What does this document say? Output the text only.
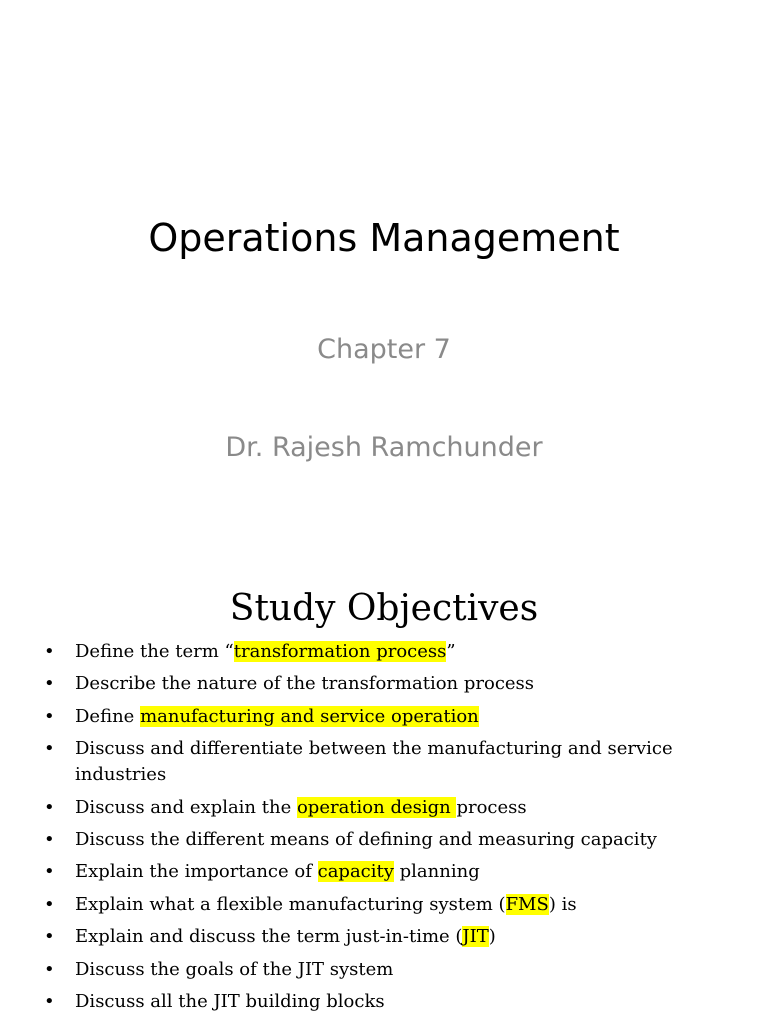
Operations Management
Chapter 7
Dr. Rajesh Ramchunder
Study Objectives
• Define the term “transformation process”
• Describe the nature of the transformation process
• Define manufacturing and service operation
• Discuss and differentiate between the manufacturing and service industries
• Discuss and explain the operation design process
• Discuss the different means of defining and measuring capacity
• Explain the importance of capacity planning
• Explain what a flexible manufacturing system (FMS) is
• Explain and discuss the term just-in-time (JIT)
• Discuss the goals of the JIT system
• Discuss all the JIT building blocks
